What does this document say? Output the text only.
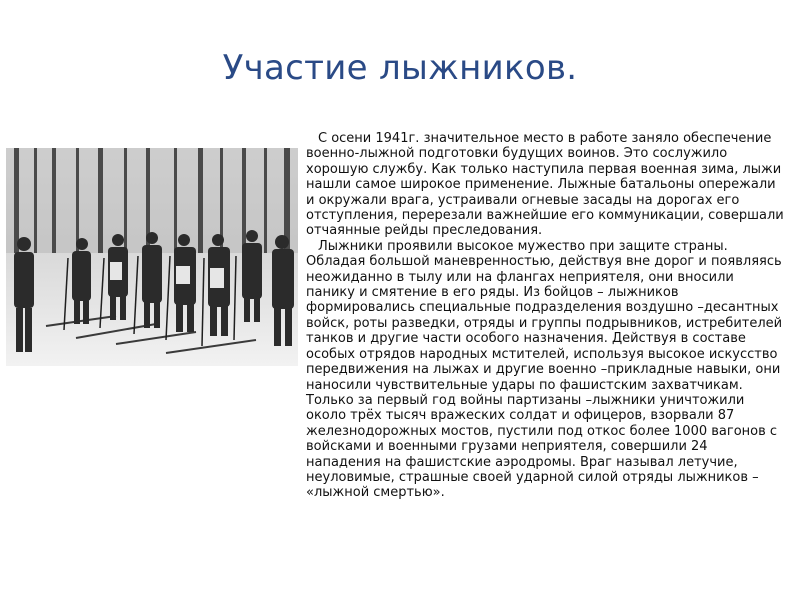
Участие лыжников.

С осени 1941г. значительное место в работе заняло обеспечение военно-лыжной подготовки будущих воинов. Это сослужило хорошую службу. Как только наступила первая военная зима, лыжи нашли самое широкое применение. Лыжные батальоны опережали и окружали врага, устраивали огневые засады на дорогах его отступления, перерезали важнейшие его коммуникации, совершали отчаянные рейды преследования.

Лыжники проявили высокое мужество при защите страны. Обладая большой маневренностью, действуя вне дорог и появляясь неожиданно в тылу или на флангах неприятеля, они вносили панику и смятение в его ряды. Из бойцов – лыжников формировались специальные подразделения воздушно –десантных войск, роты разведки, отряды и группы подрывников, истребителей танков и другие части особого назначения. Действуя в составе особых отрядов народных мстителей, используя высокое искусство передвижения на лыжах и другие военно –прикладные навыки, они наносили чувствительные удары по фашистским захватчикам. Только за первый год войны партизаны –лыжники уничтожили около трёх тысяч вражеских солдат и офицеров, взорвали 87 железнодорожных мостов, пустили под откос более 1000 вагонов с войсками и военными грузами неприятеля, совершили 24 нападения на фашистские аэродромы. Враг называл летучие, неуловимые, страшные своей ударной силой отряды лыжников – «лыжной смертью».
